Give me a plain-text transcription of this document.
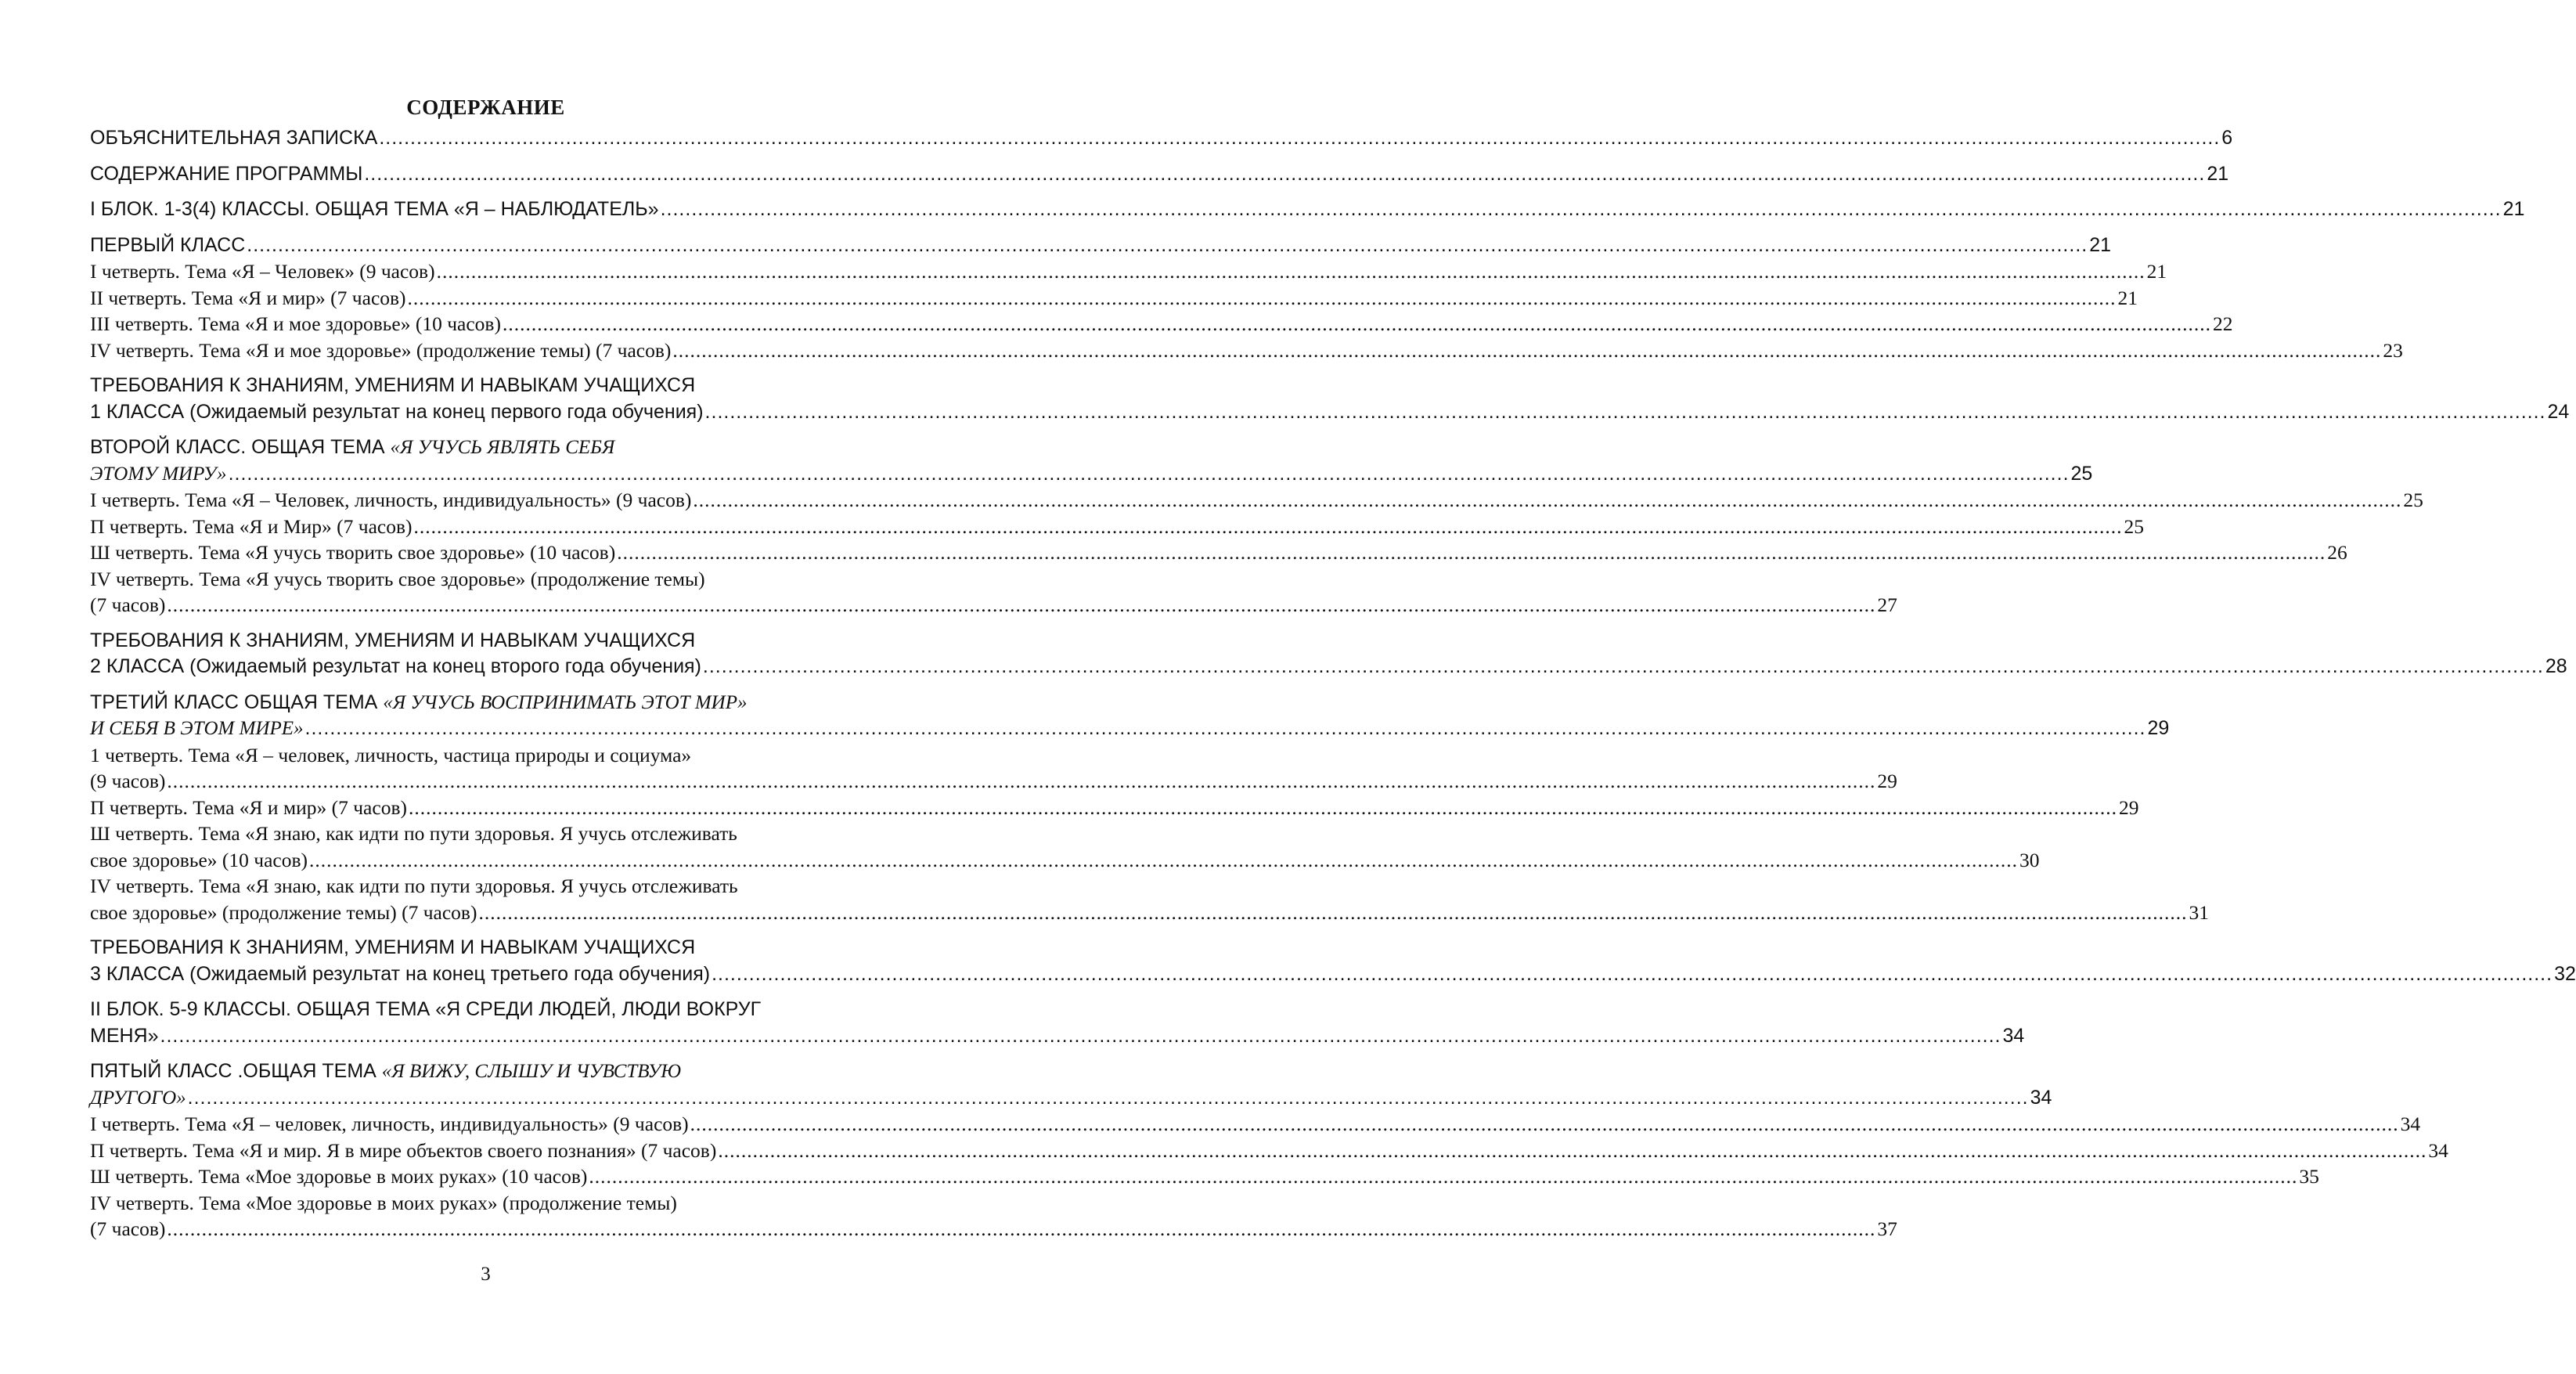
СОДЕРЖАНИЕ
ОБЪЯСНИТЕЛЬНАЯ ЗАПИСКА .....	6
СОДЕРЖАНИЕ ПРОГРАММЫ .....	21
I БЛОК. 1-3(4) КЛАССЫ. ОБЩАЯ ТЕМА «Я – НАБЛЮДАТЕЛЬ» .....	21
ПЕРВЫЙ КЛАСС .....	21
I четверть. Тема «Я – Человек» (9 часов) .....	21
II четверть. Тема «Я и мир» (7 часов) .....	21
III четверть. Тема «Я и мое здоровье» (10 часов) .....	22
IV четверть. Тема «Я и мое здоровье» (продолжение темы) (7 часов) .....	23
ТРЕБОВАНИЯ К ЗНАНИЯМ, УМЕНИЯМ И НАВЫКАМ УЧАЩИХСЯ
1 КЛАССА (Ожидаемый результат на конец первого года обучения) .....	24
ВТОРОЙ КЛАСС. ОБЩАЯ ТЕМА «Я УЧУСЬ ЯВЛЯТЬ СЕБЯ
ЭТОМУ МИРУ» .....	25
I четверть. Тема «Я – Человек, личность, индивидуальность» (9 часов) .....	25
П четверть. Тема «Я и Мир» (7 часов) .....	25
Ш четверть. Тема «Я учусь творить свое здоровье» (10 часов) .....	26
IV четверть. Тема «Я учусь творить свое здоровье» (продолжение темы)
(7 часов) .....	27
ТРЕБОВАНИЯ К ЗНАНИЯМ, УМЕНИЯМ И НАВЫКАМ УЧАЩИХСЯ
2 КЛАССА (Ожидаемый результат на конец второго года обучения) .....	28
ТРЕТИЙ КЛАСС ОБЩАЯ ТЕМА «Я УЧУСЬ ВОСПРИНИМАТЬ ЭТОТ МИР»
И СЕБЯ В ЭТОМ МИРЕ» .....	29
1 четверть. Тема «Я – человек, личность, частица природы и социума»
(9 часов) .....	29
П четверть. Тема «Я и мир» (7 часов) .....	29
Ш четверть. Тема «Я знаю, как идти по пути здоровья. Я учусь отслеживать
свое здоровье» (10 часов) .....	30
IV четверть. Тема «Я знаю, как идти по пути здоровья. Я учусь отслеживать
свое здоровье» (продолжение темы) (7 часов) .....	31
ТРЕБОВАНИЯ К ЗНАНИЯМ, УМЕНИЯМ И НАВЫКАМ УЧАЩИХСЯ
3 КЛАССА (Ожидаемый результат на конец третьего года обучения) .....	32
II БЛОК. 5-9 КЛАССЫ. ОБЩАЯ ТЕМА «Я СРЕДИ ЛЮДЕЙ, ЛЮДИ ВОКРУГ
МЕНЯ» .....	34
ПЯТЫЙ КЛАСС .ОБЩАЯ ТЕМА «Я ВИЖУ, СЛЫШУ И ЧУВСТВУЮ
ДРУГОГО» .....	34
I четверть. Тема «Я – человек, личность, индивидуальность» (9 часов) .....	34
П четверть. Тема «Я и мир. Я в мире объектов своего познания» (7 часов) .....	34
Ш четверть. Тема «Мое здоровье в моих руках» (10 часов) .....	35
IV четверть. Тема «Мое здоровье в моих руках» (продолжение темы)
(7 часов) .....	37
3
